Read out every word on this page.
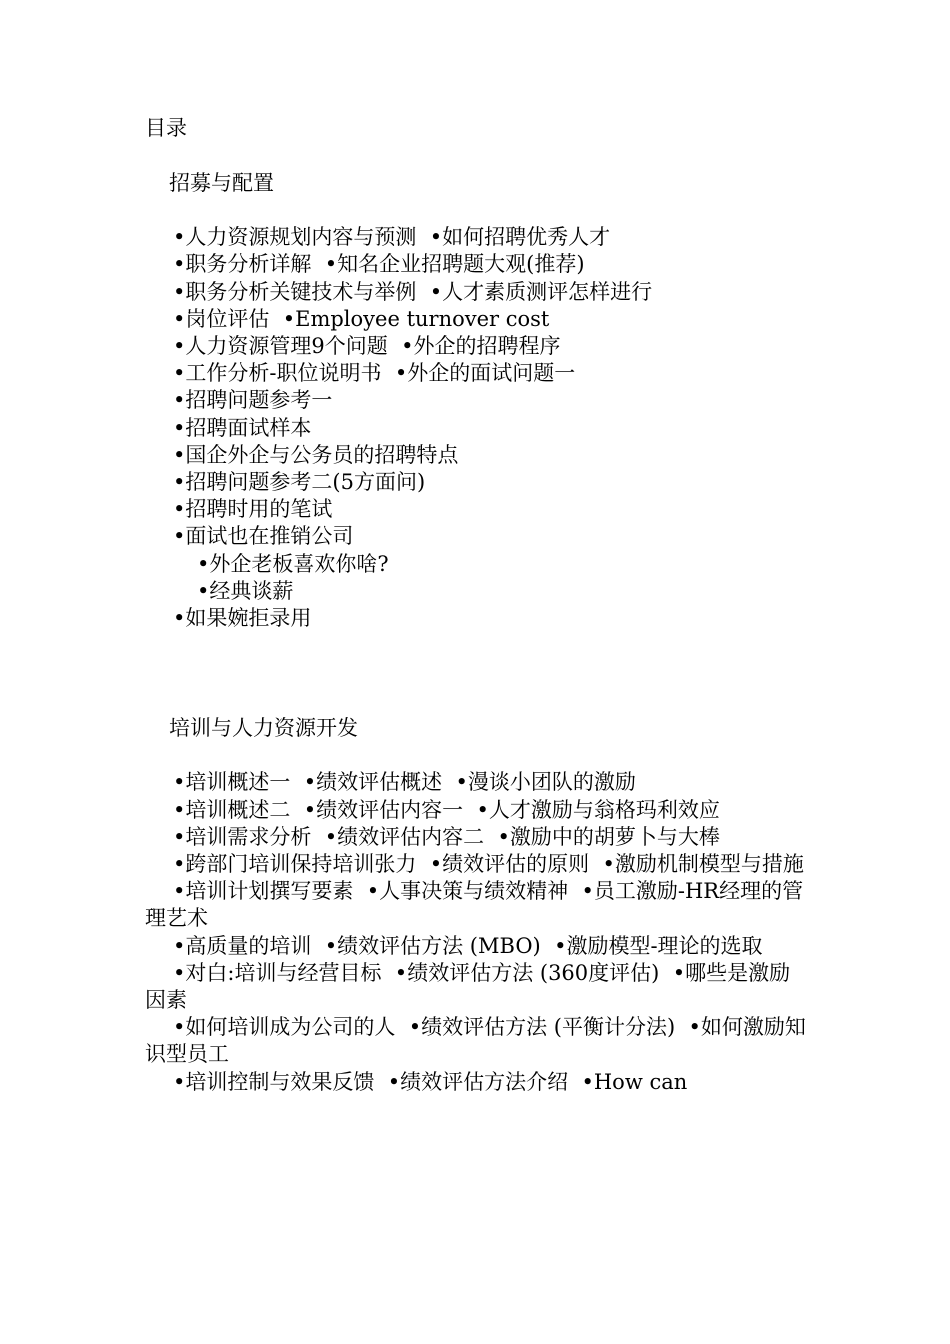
目录

招募与配置

•人力资源规划内容与预测  •如何招聘优秀人才
•职务分析详解  •知名企业招聘题大观(推荐)
•职务分析关键技术与举例  •人才素质测评怎样进行
•岗位评估  •Employee turnover cost
•人力资源管理9个问题  •外企的招聘程序
•工作分析-职位说明书  •外企的面试问题一
•招聘问题参考一
•招聘面试样本
•国企外企与公务员的招聘特点
•招聘问题参考二(5方面问)
•招聘时用的笔试
•面试也在推销公司
•外企老板喜欢你啥?
•经典谈薪
•如果婉拒录用

培训与人力资源开发

•培训概述一  •绩效评估概述  •漫谈小团队的激励
•培训概述二  •绩效评估内容一  •人才激励与翁格玛利效应
•培训需求分析  •绩效评估内容二  •激励中的胡萝卜与大棒
•跨部门培训保持培训张力  •绩效评估的原则  •激励机制模型与措施
•培训计划撰写要素  •人事决策与绩效精神  •员工激励-HR经理的管理艺术
•高质量的培训  •绩效评估方法 (MBO)  •激励模型-理论的选取
•对白:培训与经营目标  •绩效评估方法 (360度评估)  •哪些是激励因素
•如何培训成为公司的人  •绩效评估方法 (平衡计分法)  •如何激励知识型员工
•培训控制与效果反馈  •绩效评估方法介绍  •How can
